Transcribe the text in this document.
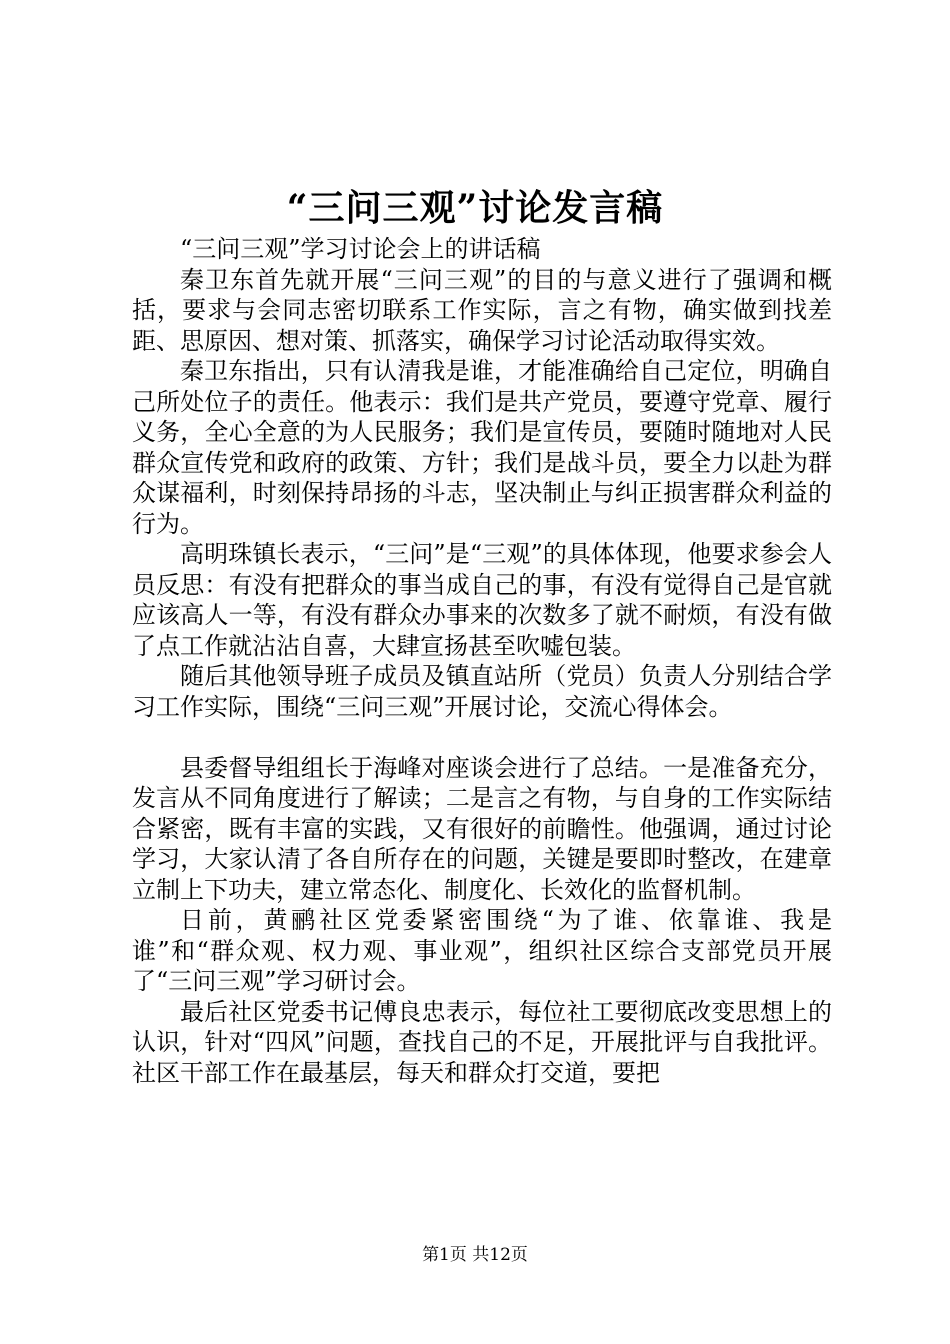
“三问三观”讨论发言稿

“三问三观”学习讨论会上的讲话稿

秦卫东首先就开展“三问三观”的目的与意义进行了强调和概括，要求与会同志密切联系工作实际，言之有物，确实做到找差距、思原因、想对策、抓落实，确保学习讨论活动取得实效。

秦卫东指出，只有认清我是谁，才能准确给自己定位，明确自己所处位子的责任。他表示：我们是共产党员，要遵守党章、履行义务，全心全意的为人民服务；我们是宣传员，要随时随地对人民群众宣传党和政府的政策、方针；我们是战斗员，要全力以赴为群众谋福利，时刻保持昂扬的斗志，坚决制止与纠正损害群众利益的行为。

高明珠镇长表示，“三问”是“三观”的具体体现，他要求参会人员反思：有没有把群众的事当成自己的事，有没有觉得自己是官就应该高人一等，有没有群众办事来的次数多了就不耐烦，有没有做了点工作就沾沾自喜，大肆宣扬甚至吹嘘包装。

随后其他领导班子成员及镇直站所（党员）负责人分别结合学习工作实际，围绕“三问三观”开展讨论，交流心得体会。

县委督导组组长于海峰对座谈会进行了总结。一是准备充分，发言从不同角度进行了解读；二是言之有物，与自身的工作实际结合紧密，既有丰富的实践，又有很好的前瞻性。他强调，通过讨论学习，大家认清了各自所存在的问题，关键是要即时整改，在建章立制上下功夫，建立常态化、制度化、长效化的监督机制。

日前，黄鹂社区党委紧密围绕“为了谁、依靠谁、我是谁”和“群众观、权力观、事业观”，组织社区综合支部党员开展了“三问三观”学习研讨会。

最后社区党委书记傅良忠表示，每位社工要彻底改变思想上的认识，针对“四风”问题，查找自己的不足，开展批评与自我批评。社区干部工作在最基层，每天和群众打交道，要把

第1页 共12页
